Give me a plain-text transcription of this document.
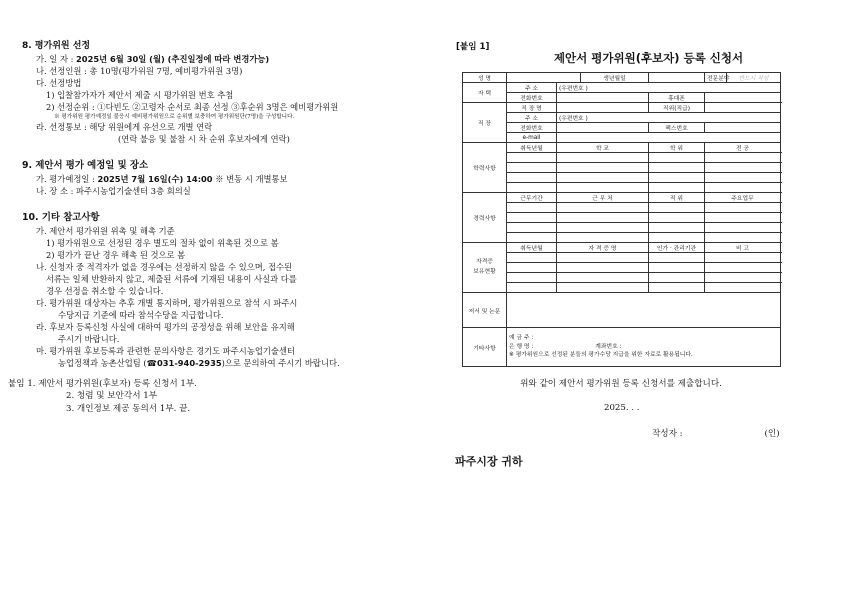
8. 평가위원 선정

가. 일 자 : 2025년 6월 30일 (월) (추진일정에 따라 변경가능)

나. 선정인원 : 총 10명(평가위원 7명, 예비평가위원 3명)

다. 선정방법

1) 입찰참가자가 제안서 제출 시 평가위원 번호 추첨

2) 선정순위 : ①다빈도 ②고령자 순서로 최종 선정 ③후순위 3명은 예비평가위원

※ 평가위원 평가예정일 불응시 예비평가위원으로 순위별 보충하여 평가위원단(7명)을 구성합니다.

라. 선정통보 : 해당 위원에게 유선으로 개별 연락

(연락 불응 및 불참 시 차 순위 후보자에게 연락)

9. 제안서 평가 예정일 및 장소

가. 평가예정일 : 2025년 7월 16일(수) 14:00 ※ 변동 시 개별통보

나. 장 소 : 파주시농업기술센터 3층 회의실

10. 기타 참고사항

가. 제안서 평가위원 위촉 및 해촉 기준

1) 평가위원으로 선정된 경우 별도의 절차 없이 위촉된 것으로 봄

2) 평가가 끝난 경우 해촉 된 것으로 봄

나. 신청자 중 적격자가 없을 경우에는 선정하지 않을 수 있으며, 접수된

서류는 일체 반환하지 않고, 제출된 서류에 기재된 내용이 사실과 다를

경우 선정을 취소할 수 있습니다.

다. 평가위원 대상자는 추후 개별 통지하며, 평가위원으로 참석 시 파주시

수당지급 기준에 따라 참석수당을 지급합니다.

라. 후보자 등록신청 사실에 대하여 평가의 공정성을 위해 보안을 유지해

주시기 바랍니다.

마. 평가위원 후보등록과 관련한 문의사항은 경기도 파주시농업기술센터

농업정책과 농촌산업팀 (☎031-940-2935)으로 문의하여 주시기 바랍니다.

붙임 1. 제안서 평가위원(후보자) 등록 신청서 1부.

2. 청렴 및 보안각서 1부

3. 개인정보 제공 동의서 1부. 끝.

[붙임 1]

제안서 평가위원(후보자) 등록 신청서

성 명			생년월일		전문분야	반드시 작성
자 택	주 소	(우편번호 )				
	전화번호			휴대폰		
직 장	직 장 명			직위(직급)		
	주 소	(우편번호 )				
	전화번호			팩스번호		
	e-mail					
학력사항	취득년월	학 교		학 위	전 공	

경력사항	근무기간	근 무 처		직 위	주요업무	

자격증
보유현황	취득년월	자 격 증 명		인가 · 관리기관	비 고	

저서 및 논문						
기타사항	예 금 주 :
은 행 명 : 계좌번호 :
※ 평가위원으로 선정된 분들의 평가수당 지급을 위한 자료로 활용됩니다.					

위와 같이 제안서 평가위원 등록 신청서를 제출합니다.

2025. . .

작성자 :	(인)

파주시장 귀하
